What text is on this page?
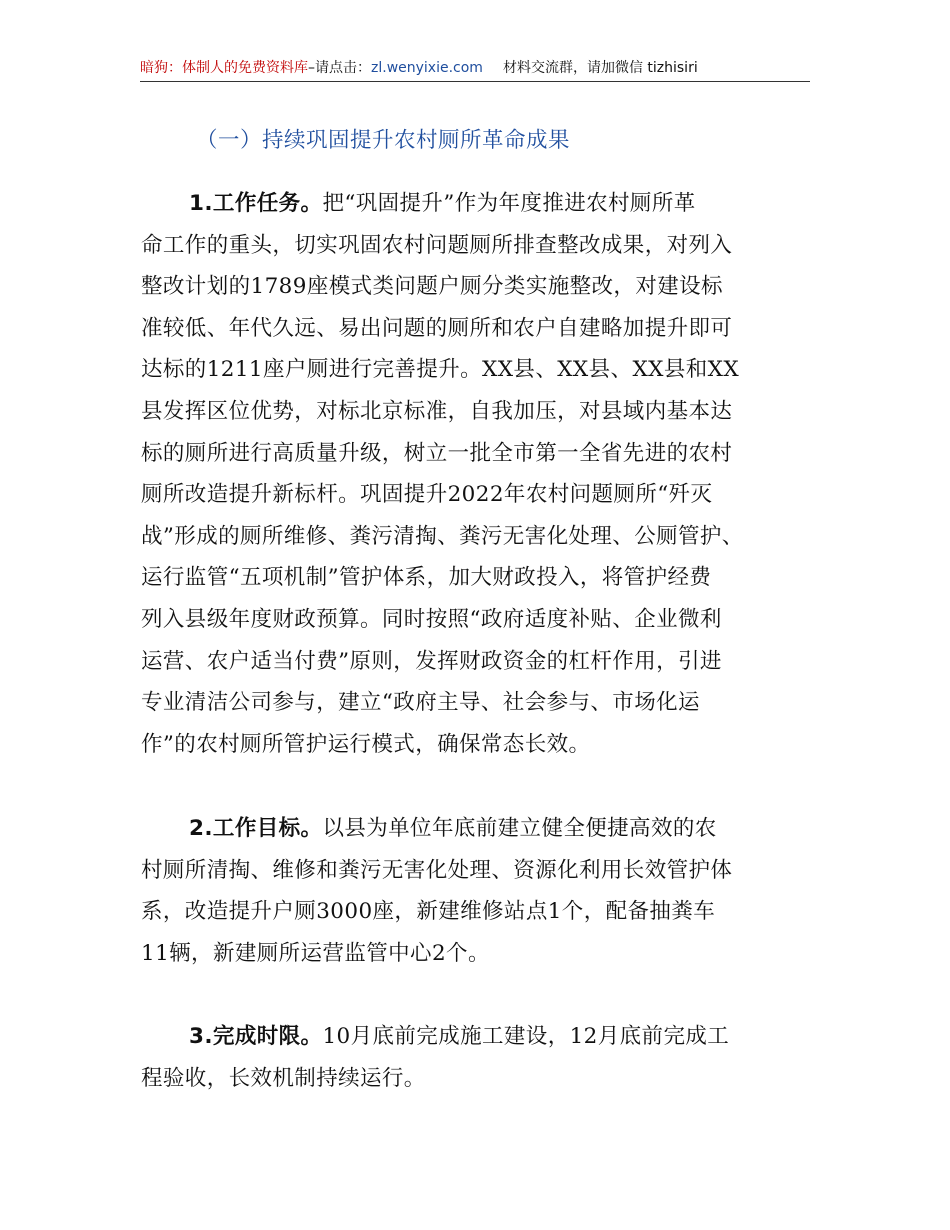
暗狗：体制人的免费资料库–请点击：zl.wenyixie.com 材料交流群，请加微信 tizhisiri
（一）持续巩固提升农村厕所革命成果
1.工作任务。把“巩固提升”作为年度推进农村厕所革
命工作的重头，切实巩固农村问题厕所排查整改成果，对列入
整改计划的1789座模式类问题户厕分类实施整改，对建设标
准较低、年代久远、易出问题的厕所和农户自建略加提升即可
达标的1211座户厕进行完善提升。XX县、XX县、XX县和XX
县发挥区位优势，对标北京标准，自我加压，对县域内基本达
标的厕所进行高质量升级，树立一批全市第一全省先进的农村
厕所改造提升新标杆。巩固提升2022年农村问题厕所“歼灭
战”形成的厕所维修、粪污清掏、粪污无害化处理、公厕管护、
运行监管“五项机制”管护体系，加大财政投入，将管护经费
列入县级年度财政预算。同时按照“政府适度补贴、企业微利
运营、农户适当付费”原则，发挥财政资金的杠杆作用，引进
专业清洁公司参与，建立“政府主导、社会参与、市场化运
作”的农村厕所管护运行模式，确保常态长效。
2.工作目标。以县为单位年底前建立健全便捷高效的农
村厕所清掏、维修和粪污无害化处理、资源化利用长效管护体
系，改造提升户厕3000座，新建维修站点1个，配备抽粪车
11辆，新建厕所运营监管中心2个。
3.完成时限。10月底前完成施工建设，12月底前完成工
程验收，长效机制持续运行。
